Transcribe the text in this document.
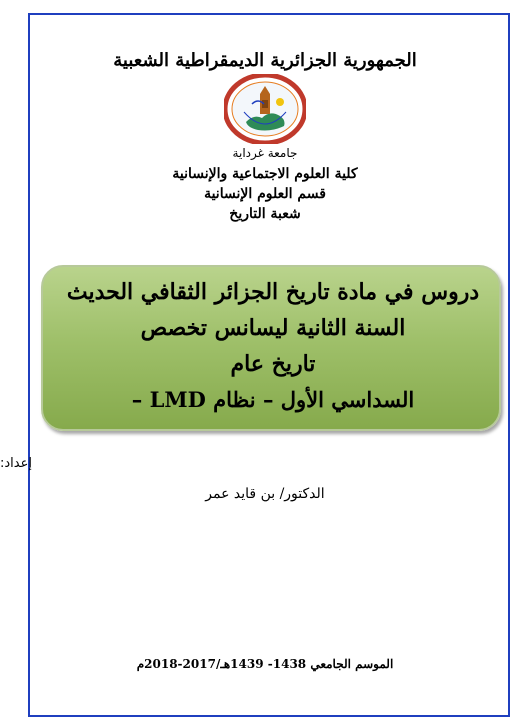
الجمهورية الجزائرية الديمقراطية الشعبية
جامعة غرداية
كلية العلوم الاجتماعية والإنسانية
قسم العلوم الإنسانية
شعبة التاريخ
دروس في مادة تاريخ الجزائر الثقافي الحديث
السنة الثانية ليسانس تخصص
تاريخ عام
السداسي الأول – نظام LMD –
إعداد:
الدكتور/ بن قايد عمر
الموسم الجامعي 1438- 1439هـ/2017-2018م
